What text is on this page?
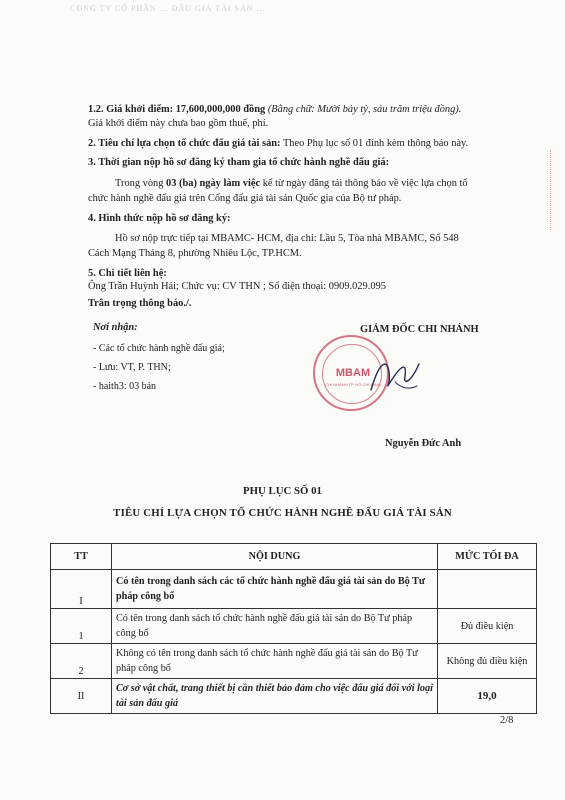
CONG TY CỔ PHẦN ... ĐẤU GIÁ TÀI SẢN ...
1.2. Giá khởi điểm: 17,600,000,000 đồng (Bằng chữ: Mười bảy tỷ, sáu trăm triệu đồng).
Giá khởi điểm này chưa bao gồm thuế, phí.
2. Tiêu chí lựa chọn tổ chức đấu giá tài sản: Theo Phụ lục số 01 đính kèm thông báo này.
3. Thời gian nộp hồ sơ đăng ký tham gia tổ chức hành nghề đấu giá:
Trong vòng 03 (ba) ngày làm việc kể từ ngày đăng tải thông báo về việc lựa chọn tổ
chức hành nghề đấu giá trên Cổng đấu giá tài sản Quốc gia của Bộ tư pháp.
4. Hình thức nộp hồ sơ đăng ký:
Hồ sơ nộp trực tiếp tại MBAMC- HCM, địa chỉ: Lầu 5, Tòa nhà MBAMC, Số 548
Cách Mạng Tháng 8, phường Nhiêu Lộc, TP.HCM.
5. Chi tiết liên hệ:
Ông Trần Huỳnh Hải; Chức vụ: CV THN ; Số điện thoại: 0909.029.095
Trân trọng thông báo./.
Nơi nhận:
- Các tổ chức hành nghề đấu giá;
- Lưu: VT, P. THN;
- haith3: 03 bản
GIÁM ĐỐC CHI NHÁNH
MBAM
CHI NHÁNH TP. HỒ CHÍ MINH
Nguyễn Đức Anh
PHỤ LỤC SỐ 01
TIÊU CHÍ LỰA CHỌN TỔ CHỨC HÀNH NGHỀ ĐẤU GIÁ TÀI SẢN
TT	NỘI DUNG	MỨC TỐI ĐA
I	Có tên trong danh sách các tổ chức hành nghề đấu giá tài sản do Bộ Tư pháp công bố	
1	Có tên trong danh sách tổ chức hành nghề đấu giá tài sản do Bộ Tư pháp công bố	Đủ điều kiện
2	Không có tên trong danh sách tổ chức hành nghề đấu giá tài sản do Bộ Tư pháp công bố	Không đủ điều kiện
II	Cơ sở vật chất, trang thiết bị cần thiết bảo đảm cho việc đấu giá đối với loại tài sản đấu giá	19,0
2/8
